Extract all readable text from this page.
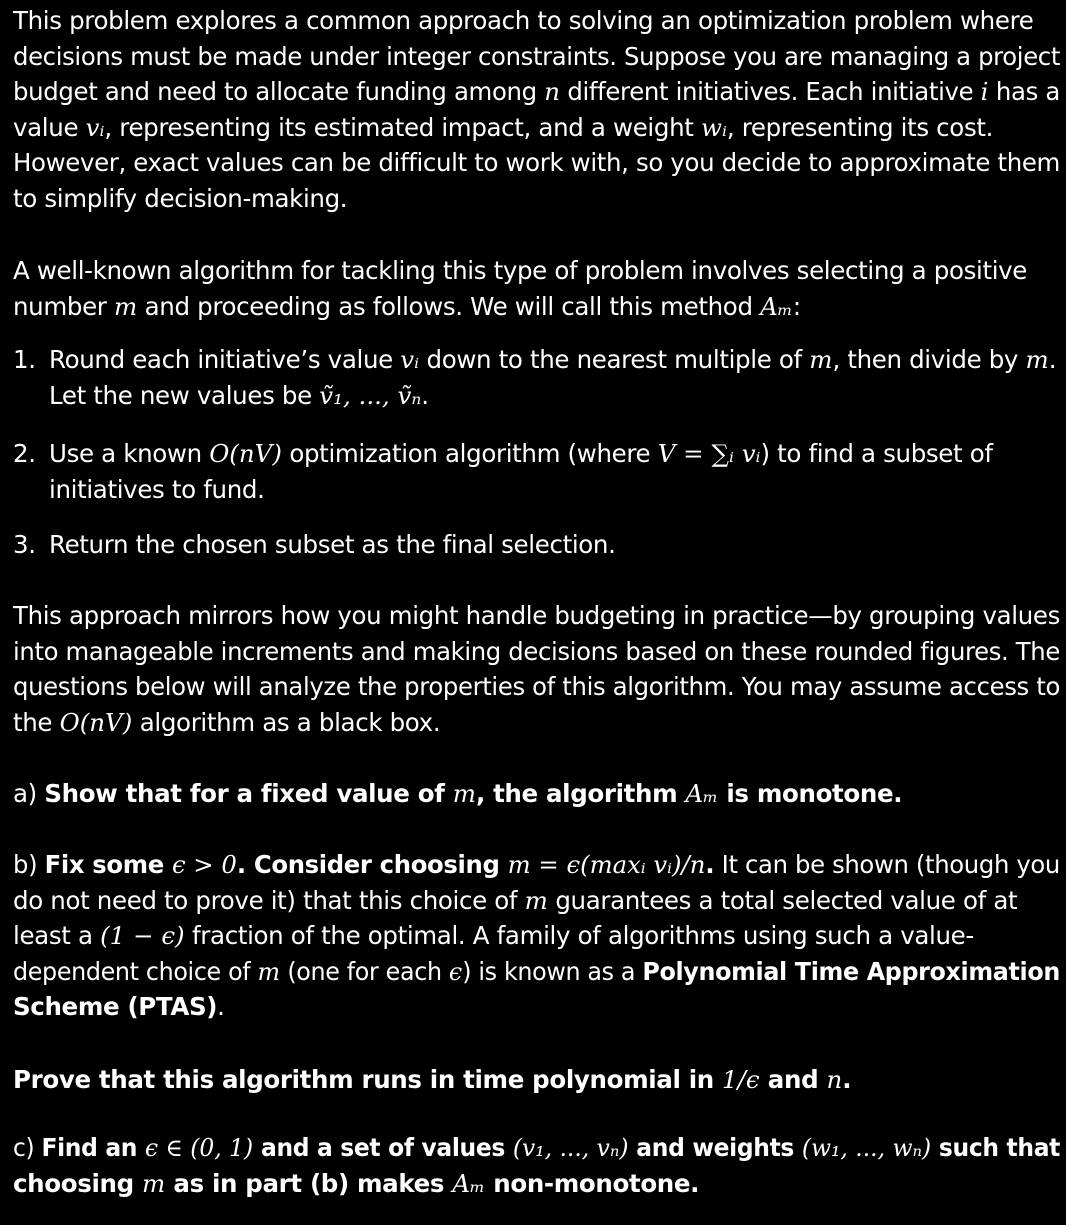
This problem explores a common approach to solving an optimization problem where
decisions must be made under integer constraints. Suppose you are managing a project
budget and need to allocate funding among n different initiatives. Each initiative i has a
value vᵢ, representing its estimated impact, and a weight wᵢ, representing its cost.
However, exact values can be difficult to work with, so you decide to approximate them
to simplify decision-making.
A well-known algorithm for tackling this type of problem involves selecting a positive
number m and proceeding as follows. We will call this method Aₘ:
1. Round each initiative’s value vᵢ down to the nearest multiple of m, then divide by m.
Let the new values be ṽ₁, ..., ṽₙ.
2. Use a known O(nV) optimization algorithm (where V = ∑ᵢ vᵢ) to find a subset of
initiatives to fund.
3. Return the chosen subset as the final selection.
This approach mirrors how you might handle budgeting in practice—by grouping values
into manageable increments and making decisions based on these rounded figures. The
questions below will analyze the properties of this algorithm. You may assume access to
the O(nV) algorithm as a black box.
a) Show that for a fixed value of m, the algorithm Aₘ is monotone.
b) Fix some ϵ > 0. Consider choosing m = ϵ(maxᵢ vᵢ)/n. It can be shown (though you
do not need to prove it) that this choice of m guarantees a total selected value of at
least a (1 − ϵ) fraction of the optimal. A family of algorithms using such a value-
dependent choice of m (one for each ϵ) is known as a Polynomial Time Approximation
Scheme (PTAS).
Prove that this algorithm runs in time polynomial in 1/ϵ and n.
c) Find an ϵ ∈ (0, 1) and a set of values (v₁, ..., vₙ) and weights (w₁, ..., wₙ) such that
choosing m as in part (b) makes Aₘ non-monotone.
